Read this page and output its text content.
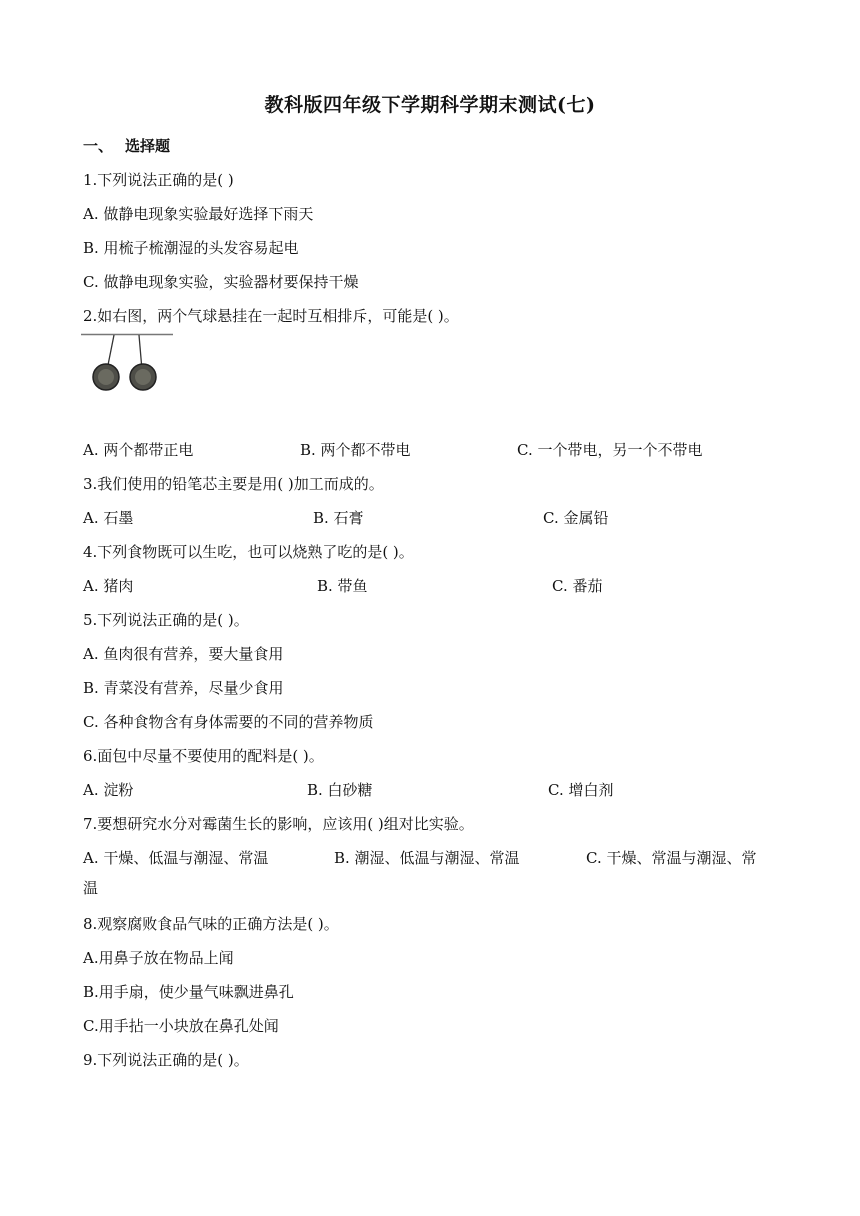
教科版四年级下学期科学期末测试(七)
一、 选择题
1.下列说法正确的是( )
A. 做静电现象实验最好选择下雨天
B. 用梳子梳潮湿的头发容易起电
C. 做静电现象实验，实验器材要保持干燥
2.如右图，两个气球悬挂在一起时互相排斥，可能是( )。
A. 两个都带正电	B. 两个都不带电	C. 一个带电，另一个不带电
3.我们使用的铅笔芯主要是用( )加工而成的。
A. 石墨	B. 石膏	C. 金属铅
4.下列食物既可以生吃，也可以烧熟了吃的是( )。
A. 猪肉	B. 带鱼	C. 番茄
5.下列说法正确的是( )。
A. 鱼肉很有营养，要大量食用
B. 青菜没有营养，尽量少食用
C. 各种食物含有身体需要的不同的营养物质
6.面包中尽量不要使用的配料是( )。
A. 淀粉	B. 白砂糖	C. 增白剂
7.要想研究水分对霉菌生长的影响，应该用( )组对比实验。
A. 干燥、低温与潮湿、常温	B. 潮湿、低温与潮湿、常温	C. 干燥、常温与潮湿、常
温
8.观察腐败食品气味的正确方法是( )。
A.用鼻子放在物品上闻
B.用手扇，使少量气味飘进鼻孔
C.用手拈一小块放在鼻孔处闻
9.下列说法正确的是( )。
